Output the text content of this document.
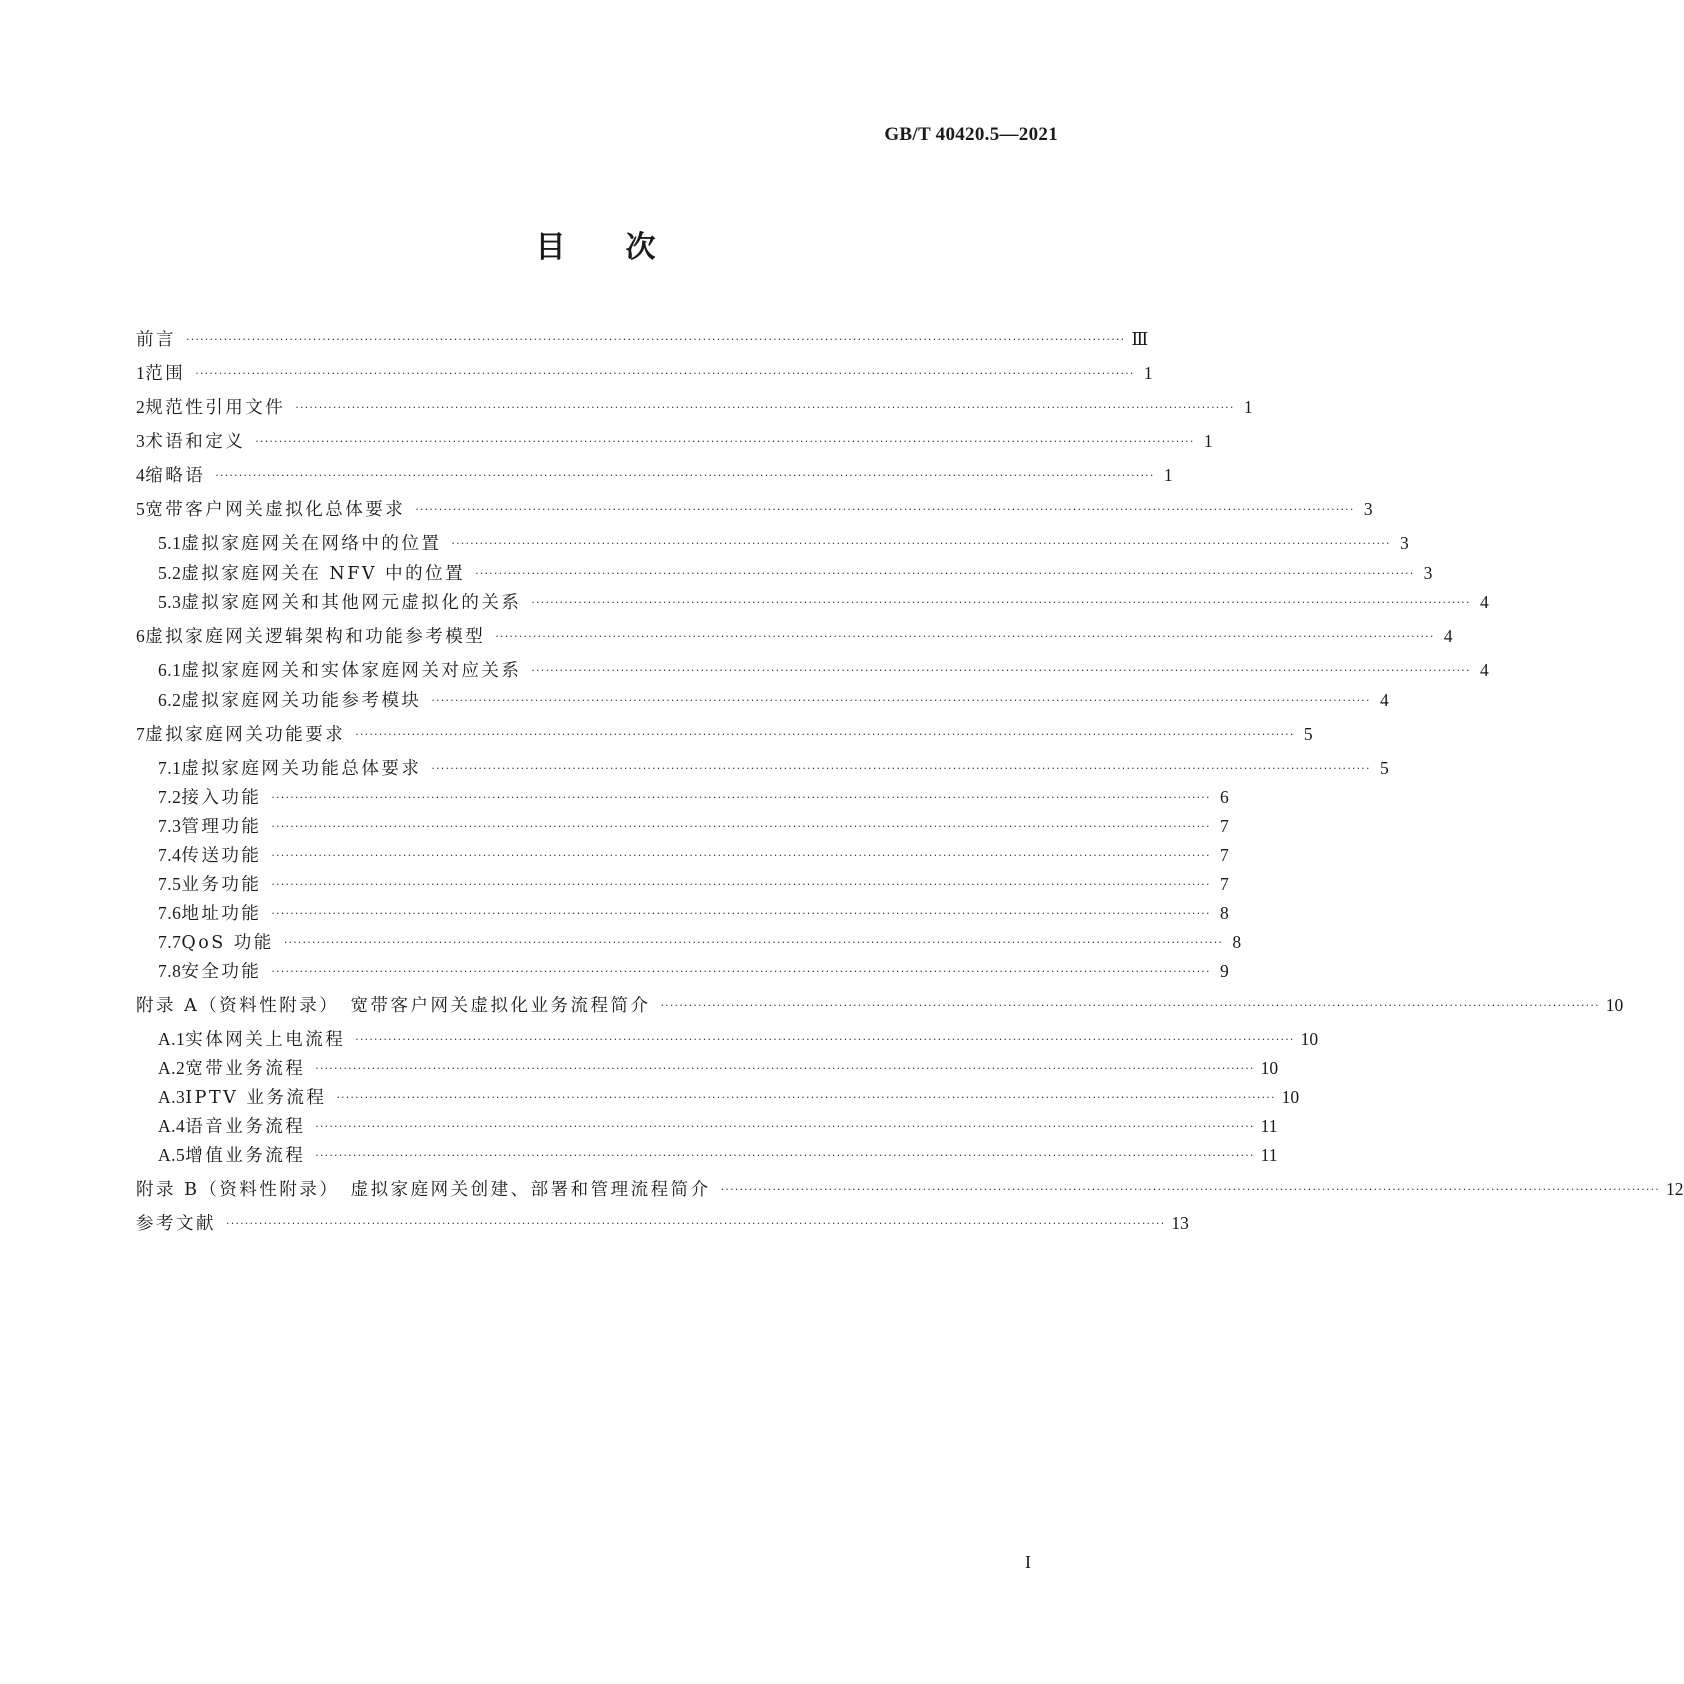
GB/T 40420.5—2021
目次
前言 ········································································································································································································ Ⅲ
1 范围 ········································································································································································································ 1
2 规范性引用文件 ········································································································································································································ 1
3 术语和定义 ········································································································································································································ 1
4 缩略语 ········································································································································································································ 1
5 宽带客户网关虚拟化总体要求 ········································································································································································································ 3
5.1 虚拟家庭网关在网络中的位置 ········································································································································································································ 3
5.2 虚拟家庭网关在 NFV 中的位置 ········································································································································································································ 3
5.3 虚拟家庭网关和其他网元虚拟化的关系 ········································································································································································································ 4
6 虚拟家庭网关逻辑架构和功能参考模型 ········································································································································································································ 4
6.1 虚拟家庭网关和实体家庭网关对应关系 ········································································································································································································ 4
6.2 虚拟家庭网关功能参考模块 ········································································································································································································ 4
7 虚拟家庭网关功能要求 ········································································································································································································ 5
7.1 虚拟家庭网关功能总体要求 ········································································································································································································ 5
7.2 接入功能 ········································································································································································································ 6
7.3 管理功能 ········································································································································································································ 7
7.4 传送功能 ········································································································································································································ 7
7.5 业务功能 ········································································································································································································ 7
7.6 地址功能 ········································································································································································································ 8
7.7 QoS 功能 ········································································································································································································ 8
7.8 安全功能 ········································································································································································································ 9
附录 A（资料性附录）　宽带客户网关虚拟化业务流程简介 ········································································································································································································ 10
A.1 实体网关上电流程 ········································································································································································································ 10
A.2 宽带业务流程 ········································································································································································································ 10
A.3 IPTV 业务流程 ········································································································································································································ 10
A.4 语音业务流程 ········································································································································································································ 11
A.5 增值业务流程 ········································································································································································································ 11
附录 B（资料性附录）　虚拟家庭网关创建、部署和管理流程简介 ········································································································································································································ 12
参考文献 ········································································································································································································ 13
I
